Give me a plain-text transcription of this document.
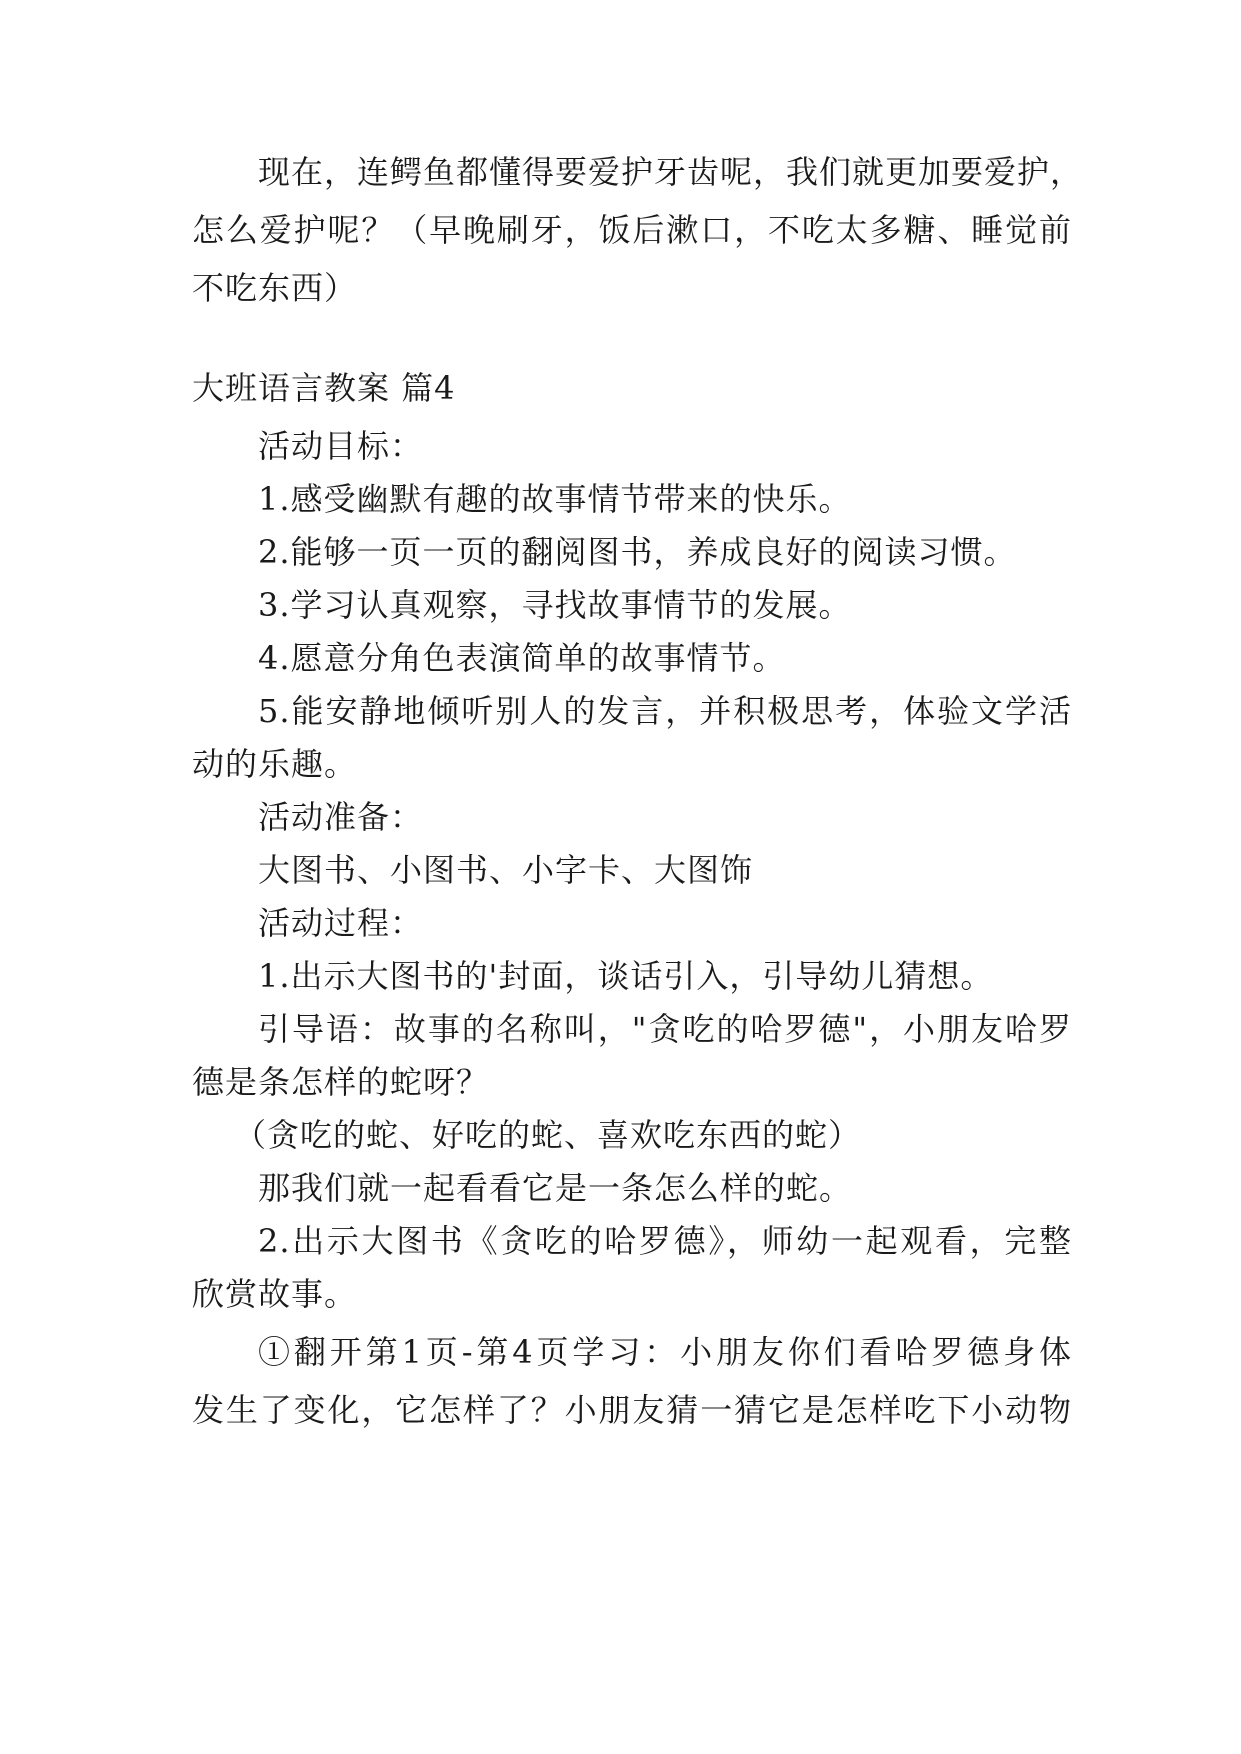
现在，连鳄鱼都懂得要爱护牙齿呢，我们就更加要爱护，
怎么爱护呢？（早晚刷牙，饭后漱口，不吃太多糖、睡觉前
不吃东西）
大班语言教案 篇4
活动目标：
1.感受幽默有趣的故事情节带来的快乐。
2.能够一页一页的翻阅图书，养成良好的阅读习惯。
3.学习认真观察，寻找故事情节的发展。
4.愿意分角色表演简单的故事情节。
5.能安静地倾听别人的发言，并积极思考，体验文学活
动的乐趣。
活动准备：
大图书、小图书、小字卡、大图饰
活动过程：
1.出示大图书的'封面，谈话引入，引导幼儿猜想。
引导语：故事的名称叫，"贪吃的哈罗德"，小朋友哈罗
德是条怎样的蛇呀？
（贪吃的蛇、好吃的蛇、喜欢吃东西的蛇）
那我们就一起看看它是一条怎么样的蛇。
2.出示大图书《贪吃的哈罗德》，师幼一起观看，完整
欣赏故事。
①翻开第1页-第4页学习：小朋友你们看哈罗德身体
发生了变化，它怎样了？小朋友猜一猜它是怎样吃下小动物
